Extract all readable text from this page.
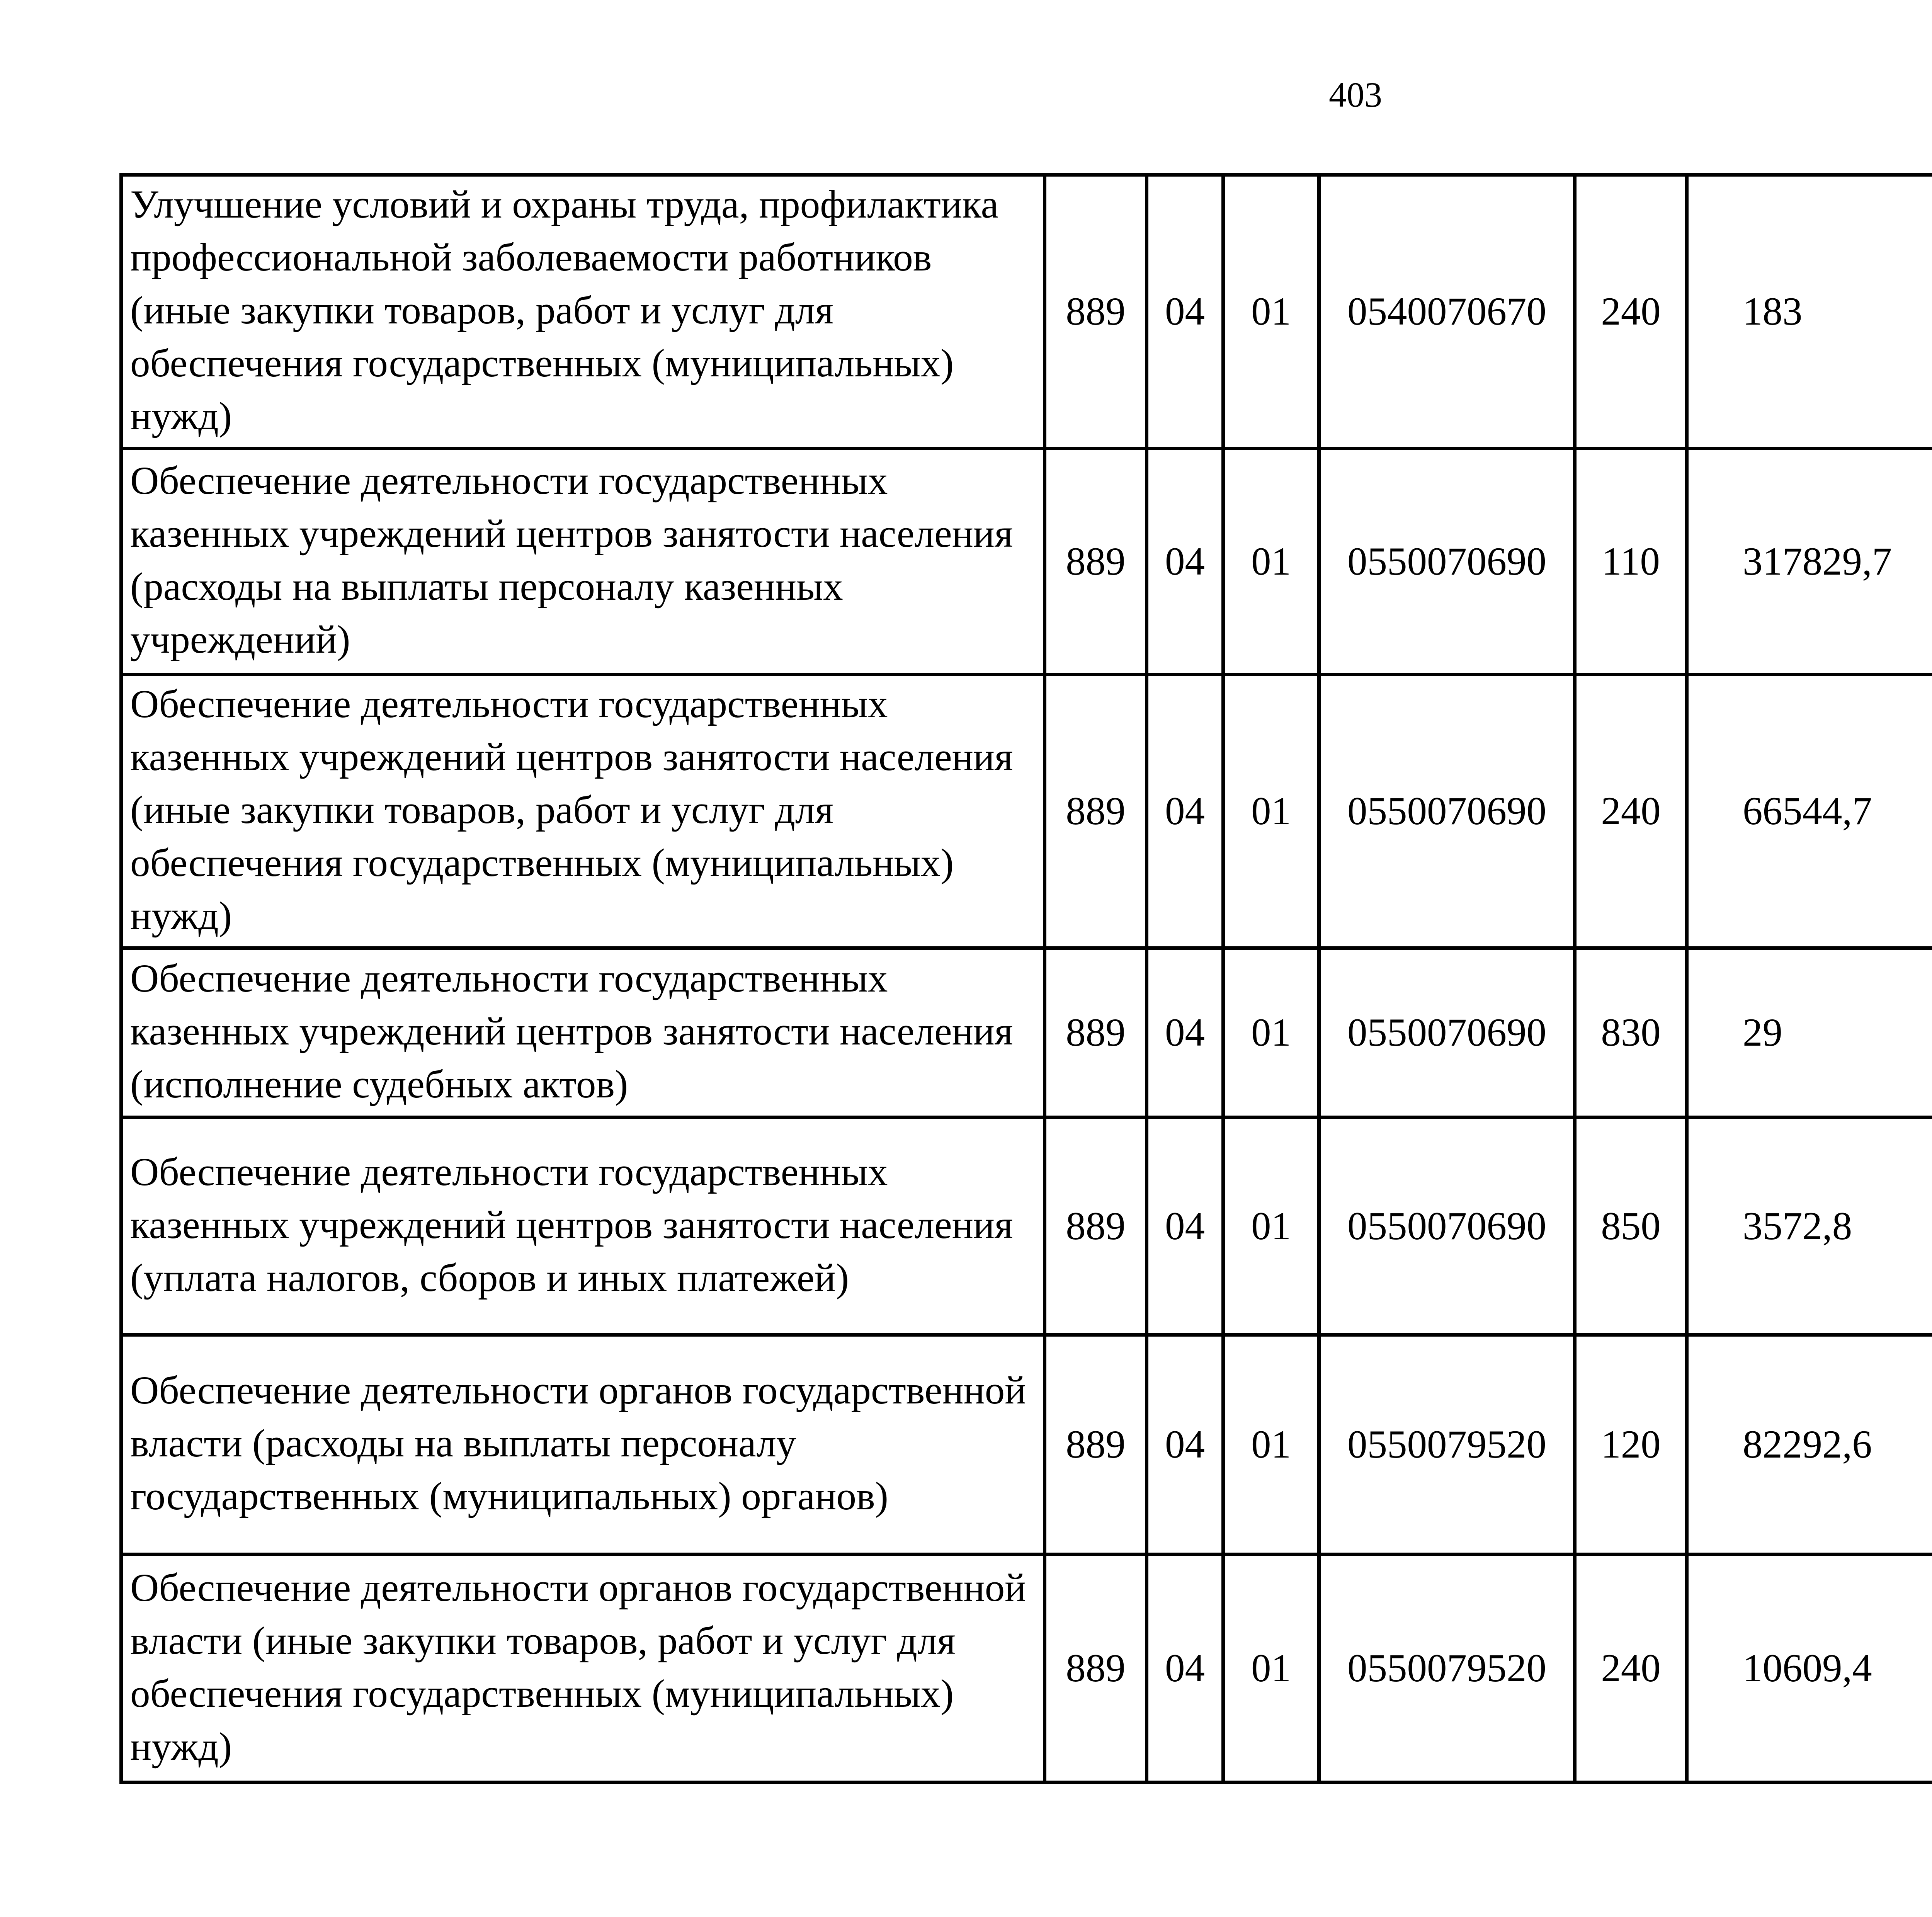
403
Улучшение условий и охраны труда, профилактика профессиональной заболеваемости работников (иные закупки товаров, работ и услуг для обеспечения государственных (муниципальных) нужд)	889	04	01	0540070670	240	183		
Обеспечение деятельности государственных казенных учреждений центров занятости населения (расходы на выплаты персоналу казенных учреждений)	889	04	01	0550070690	110	317829,7		
Обеспечение деятельности государственных казенных учреждений центров занятости населения (иные закупки товаров, работ и услуг для обеспечения государственных (муниципальных) нужд)	889	04	01	0550070690	240	66544,7		
Обеспечение деятельности государственных казенных учреждений центров занятости населения (исполнение судебных актов)	889	04	01	0550070690	830	29		
Обеспечение деятельности государственных казенных учреждений центров занятости населения (уплата налогов, сборов и иных платежей)	889	04	01	0550070690	850	3572,8		
Обеспечение деятельности органов государственной власти (расходы на выплаты персоналу государственных (муниципальных) органов)	889	04	01	0550079520	120	82292,6		
Обеспечение деятельности органов государственной власти (иные закупки товаров, работ и услуг для обеспечения государственных (муниципальных) нужд)	889	04	01	0550079520	240	10609,4		
